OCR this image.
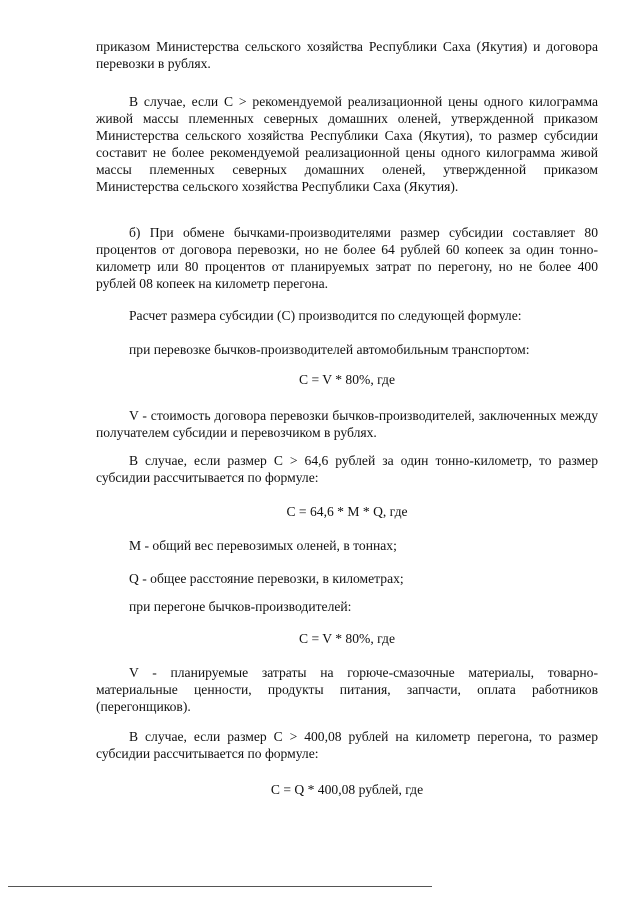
приказом Министерства сельского хозяйства Республики Саха (Якутия) и договора перевозки в рублях.

В случае, если С > рекомендуемой реализационной цены одного килограмма живой массы племенных северных домашних оленей, утвержденной приказом Министерства сельского хозяйства Республики Саха (Якутия), то размер субсидии составит не более рекомендуемой реализационной цены одного килограмма живой массы племенных северных домашних оленей, утвержденной приказом Министерства сельского хозяйства Республики Саха (Якутия).

б) При обмене бычками-производителями размер субсидии составляет 80 процентов от договора перевозки, но не более 64 рублей 60 копеек за один тонно-километр или 80 процентов от планируемых затрат по перегону, но не более 400 рублей 08 копеек на километр перегона.

Расчет размера субсидии (С) производится по следующей формуле:

при перевозке бычков-производителей автомобильным транспортом:

C = V * 80%, где

V - стоимость договора перевозки бычков-производителей, заключенных между получателем субсидии и перевозчиком в рублях.

В случае, если размер С > 64,6 рублей за один тонно-километр, то размер субсидии рассчитывается по формуле:

C = 64,6 * M * Q, где

М - общий вес перевозимых оленей, в тоннах;

Q - общее расстояние перевозки, в километрах;

при перегоне бычков-производителей:

C = V * 80%, где

V - планируемые затраты на горюче-смазочные материалы, товарно-материальные ценности, продукты питания, запчасти, оплата работников (перегонщиков).

В случае, если размер С > 400,08 рублей на километр перегона, то размер субсидии рассчитывается по формуле:

C = Q * 400,08 рублей, где
